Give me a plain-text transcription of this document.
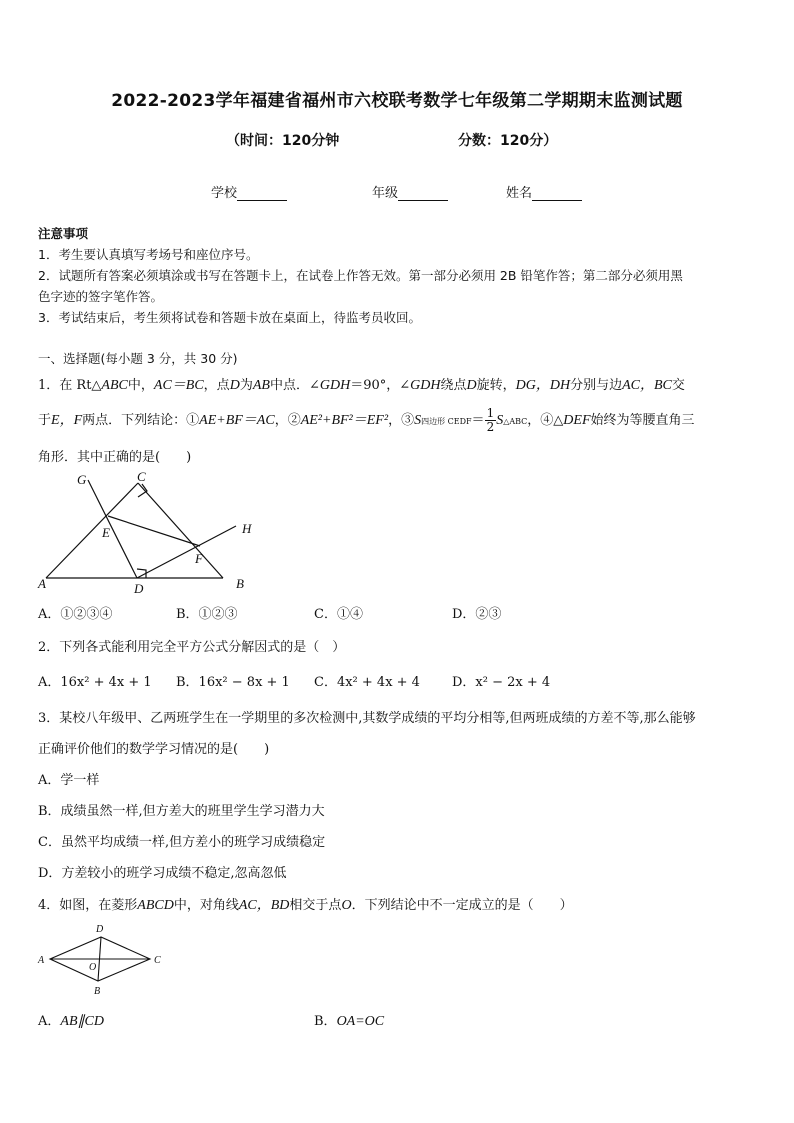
2022-2023学年福建省福州市六校联考数学七年级第二学期期末监测试题
（时间：120分钟	分数：120分）
学校	年级	姓名
注意事项
1．考生要认真填写考场号和座位序号。
2．试题所有答案必须填涂或书写在答题卡上，在试卷上作答无效。第一部分必须用 2B 铅笔作答；第二部分必须用黑
色字迹的签字笔作答。
3．考试结束后，考生须将试卷和答题卡放在桌面上，待监考员收回。
一、选择题(每小题 3 分，共 30 分)
1．在 Rt△ABC中，AC＝BC，点D为AB中点．∠GDH＝90°，∠GDH绕点D旋转，DG，DH分别与边AC，BC交
于E，F两点．下列结论：①AE+BF＝AC，②AE²+BF²＝EF²，③S四边形 CEDF＝ $\frac{1}{2}$ S△ABC，④△DEF始终为等腰直角三
角形．其中正确的是(　　)
G	C
H
E
F
A	D	B
A．①②③④	B．①②③	C．①④	D．②③
2．下列各式能利用完全平方公式分解因式的是（　）
A．16x² + 4x + 1 B．16x² − 8x + 1 C．4x² + 4x + 4 D．x² − 2x + 4
3．某校八年级甲、乙两班学生在一学期里的多次检测中,其数学成绩的平均分相等,但两班成绩的方差不等,那么能够
正确评价他们的数学学习情况的是(　　)
A．学一样
B．成绩虽然一样,但方差大的班里学生学习潜力大
C．虽然平均成绩一样,但方差小的班学习成绩稳定
D．方差较小的班学习成绩不稳定,忽高忽低
4．如图，在菱形ABCD中，对角线AC，BD相交于点O．下列结论中不一定成立的是（　　）
D
A
O
C
B
A．AB∥CD	B．OA=OC
